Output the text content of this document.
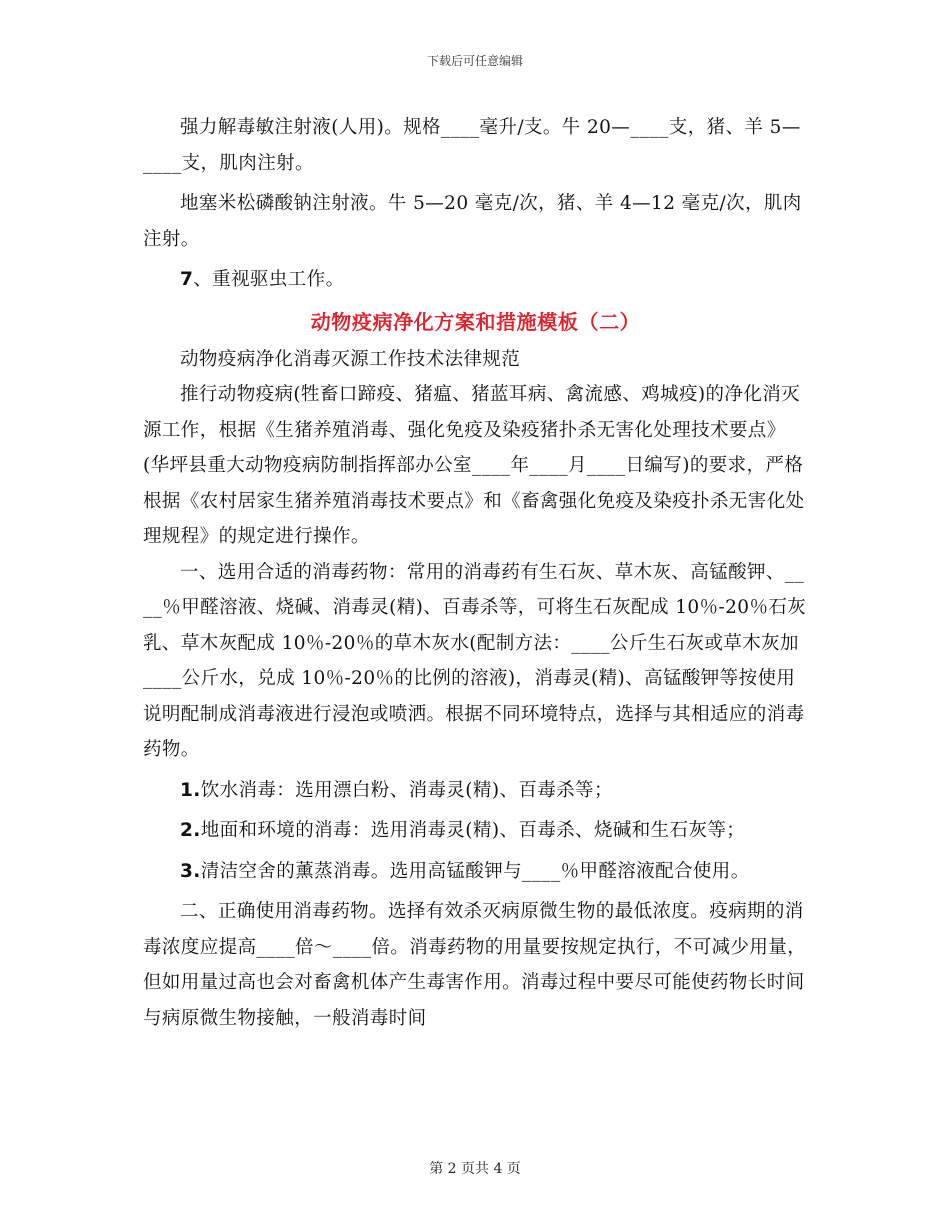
下载后可任意编辑

强力解毒敏注射液(人用)。规格____毫升/支。牛 20—____支，猪、羊 5—____支，肌肉注射。

地塞米松磷酸钠注射液。牛 5—20 毫克/次，猪、羊 4—12 毫克/次，肌肉注射。

7、重视驱虫工作。

动物疫病净化方案和措施模板（二）

动物疫病净化消毒灭源工作技术法律规范

推行动物疫病(牲畜口蹄疫、猪瘟、猪蓝耳病、禽流感、鸡城疫)的净化消灭源工作，根据《生猪养殖消毒、强化免疫及染疫猪扑杀无害化处理技术要点》(华坪县重大动物疫病防制指挥部办公室____年____月____日编写)的要求，严格根据《农村居家生猪养殖消毒技术要点》和《畜禽强化免疫及染疫扑杀无害化处理规程》的规定进行操作。

一、选用合适的消毒药物：常用的消毒药有生石灰、草木灰、高锰酸钾、____％甲醛溶液、烧碱、消毒灵(精)、百毒杀等，可将生石灰配成 10％-20％石灰乳、草木灰配成 10％-20％的草木灰水(配制方法：____公斤生石灰或草木灰加____公斤水，兑成 10％-20％的比例的溶液)，消毒灵(精)、高锰酸钾等按使用说明配制成消毒液进行浸泡或喷洒。根据不同环境特点，选择与其相适应的消毒药物。

1.饮水消毒：选用漂白粉、消毒灵(精)、百毒杀等；

2.地面和环境的消毒：选用消毒灵(精)、百毒杀、烧碱和生石灰等；

3.清洁空舍的薰蒸消毒。选用高锰酸钾与____％甲醛溶液配合使用。

二、正确使用消毒药物。选择有效杀灭病原微生物的最低浓度。疫病期的消毒浓度应提高____倍～____倍。消毒药物的用量要按规定执行，不可减少用量，但如用量过高也会对畜禽机体产生毒害作用。消毒过程中要尽可能使药物长时间与病原微生物接触，一般消毒时间

第 2 页共 4 页
